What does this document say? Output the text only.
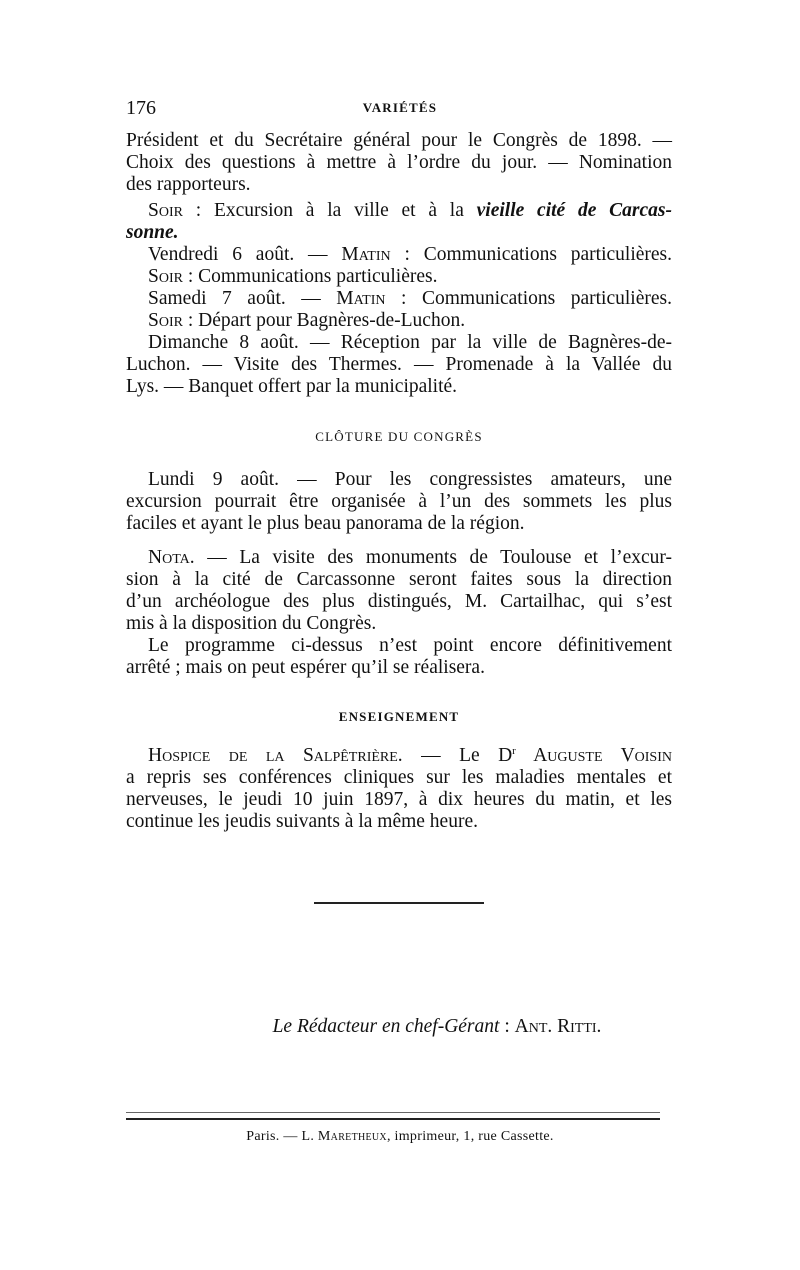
176	VARIÉTÉS
Président et du Secrétaire général pour le Congrès de 1898. —
Choix des questions à mettre à l’ordre du jour. — Nomination
des rapporteurs.
Soir : Excursion à la ville et à la vieille cité de Carcas-
sonne.
Vendredi 6 août. — Matin : Communications particulières.
Soir : Communications particulières.
Samedi 7 août. — Matin : Communications particulières.
Soir : Départ pour Bagnères-de-Luchon.
Dimanche 8 août. — Réception par la ville de Bagnères-de-
Luchon. — Visite des Thermes. — Promenade à la Vallée du
Lys. — Banquet offert par la municipalité.
CLÔTURE DU CONGRÈS
Lundi 9 août. — Pour les congressistes amateurs, une
excursion pourrait être organisée à l’un des sommets les plus
faciles et ayant le plus beau panorama de la région.
Nota. — La visite des monuments de Toulouse et l’excur-
sion à la cité de Carcassonne seront faites sous la direction
d’un archéologue des plus distingués, M. Cartailhac, qui s’est
mis à la disposition du Congrès.
Le programme ci-dessus n’est point encore définitivement
arrêté ; mais on peut espérer qu’il se réalisera.
ENSEIGNEMENT
Hospice de la Salpêtrière. — Le $D^r$ Auguste Voisin
a repris ses conférences cliniques sur les maladies mentales et
nerveuses, le jeudi 10 juin 1897, à dix heures du matin, et les
continue les jeudis suivants à la même heure.
Le Rédacteur en chef-Gérant : Ant. Ritti.
Paris. — L. Maretheux, imprimeur, 1, rue Cassette.
